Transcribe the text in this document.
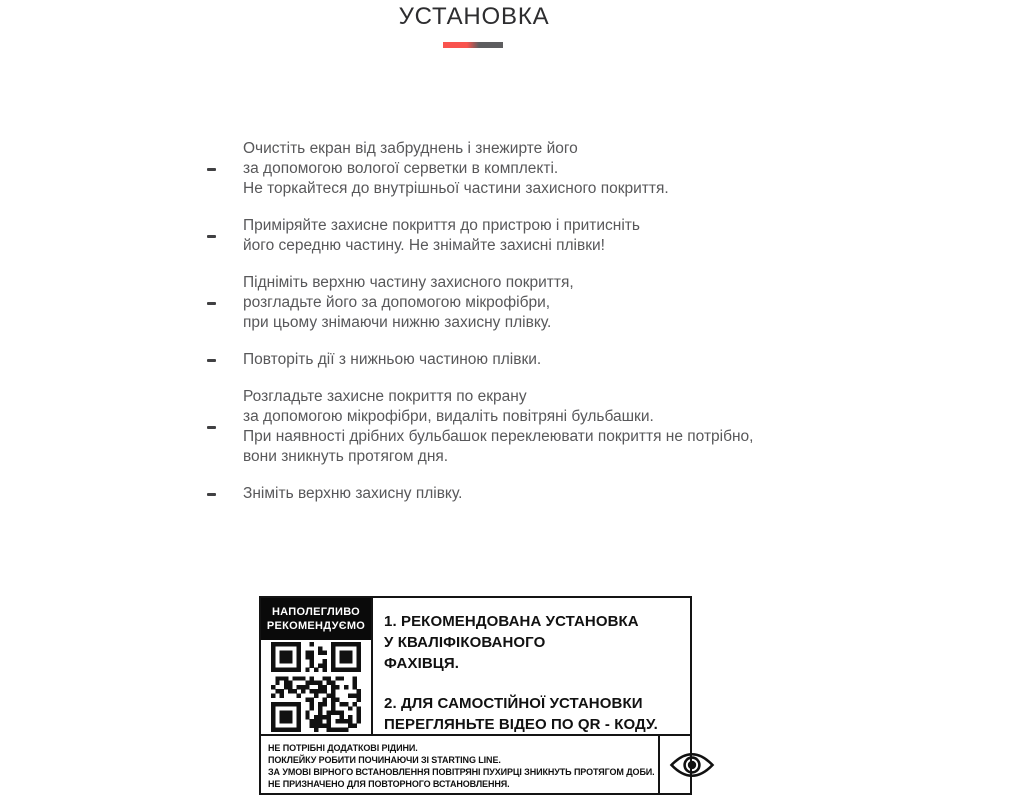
УСТАНОВКА
Очистіть екран від забруднень і знежирте його
за допомогою вологої серветки в комплекті.
Не торкайтеся до внутрішньої частини захисного покриття.
Приміряйте захисне покриття до пристрою і притисніть
його середню частину. Не знімайте захисні плівки!
Підніміть верхню частину захисного покриття,
розгладьте його за допомогою мікрофібри,
при цьому знімаючи нижню захисну плівку.
Повторіть дії з нижньою частиною плівки.
Розгладьте захисне покриття по екрану
за допомогою мікрофібри, видаліть повітряні бульбашки.
При наявності дрібних бульбашок переклеювати покриття не потрібно,
вони зникнуть протягом дня.
Зніміть верхню захисну плівку.
НАПОЛЕГЛИВО
РЕКОМЕНДУЄМО 1. РЕКОМЕНДОВАНА УСТАНОВКА
У КВАЛІФІКОВАНОГО
ФАХІВЦЯ.

2. ДЛЯ САМОСТІЙНОЇ УСТАНОВКИ
ПЕРЕГЛЯНЬТЕ ВІДЕО ПО QR - КОДУ.

НЕ ПОТРІБНІ ДОДАТКОВІ РІДИНИ.
ПОКЛЕЙКУ РОБИТИ ПОЧИНАЮЧИ ЗІ STARTING LINE.
ЗА УМОВІ ВІРНОГО ВСТАНОВЛЕННЯ ПОВІТРЯНІ ПУХИРЦІ ЗНИКНУТЬ ПРОТЯГОМ ДОБИ.
НЕ ПРИЗНАЧЕНО ДЛЯ ПОВТОРНОГО ВСТАНОВЛЕННЯ.
